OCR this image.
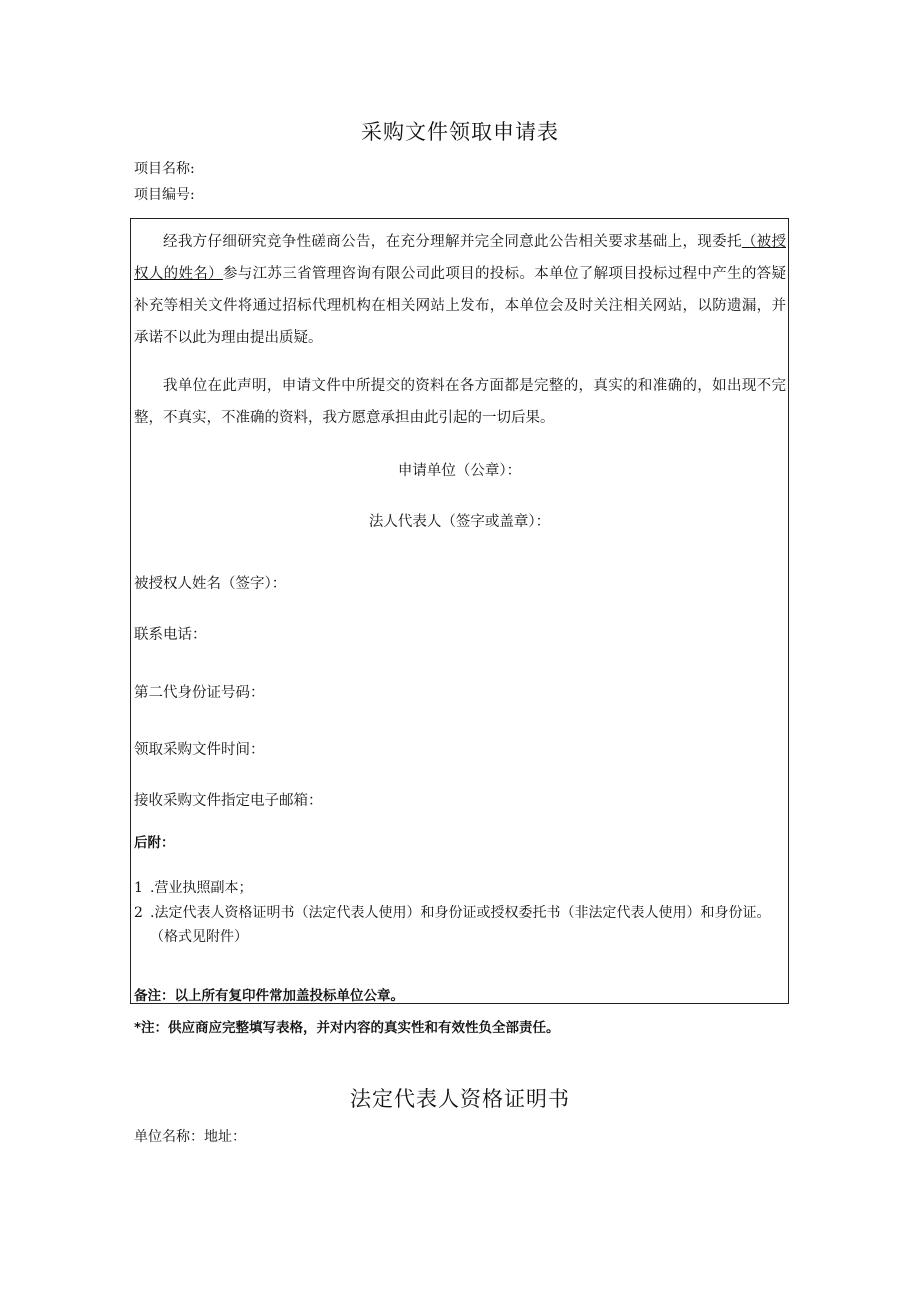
采购文件领取申请表
项目名称:
项目编号:
经我方仔细研究竞争性磋商公告，在充分理解并完全同意此公告相关要求基础上，现委托（被授权人的姓名）参与江苏三省管理咨询有限公司此项目的投标。本单位了解项目投标过程中产生的答疑补充等相关文件将通过招标代理机构在相关网站上发布，本单位会及时关注相关网站，以防遗漏，并承诺不以此为理由提出质疑。
我单位在此声明，申请文件中所提交的资料在各方面都是完整的，真实的和准确的，如出现不完整，不真实，不准确的资料，我方愿意承担由此引起的一切后果。
申请单位（公章）：
法人代表人（签字或盖章）：
被授权人姓名（签字）：
联系电话：
第二代身份证号码：
领取采购文件时间：
接收采购文件指定电子邮箱：
后附：
1 .营业执照副本；
2 .法定代表人资格证明书（法定代表人使用）和身份证或授权委托书（非法定代表人使用）和身份证。（格式见附件）
备注：以上所有复印件常加盖投标单位公章。
*注：供应商应完整填写表格，并对内容的真实性和有效性负全部责任。
法定代表人资格证明书
单位名称：地址：
